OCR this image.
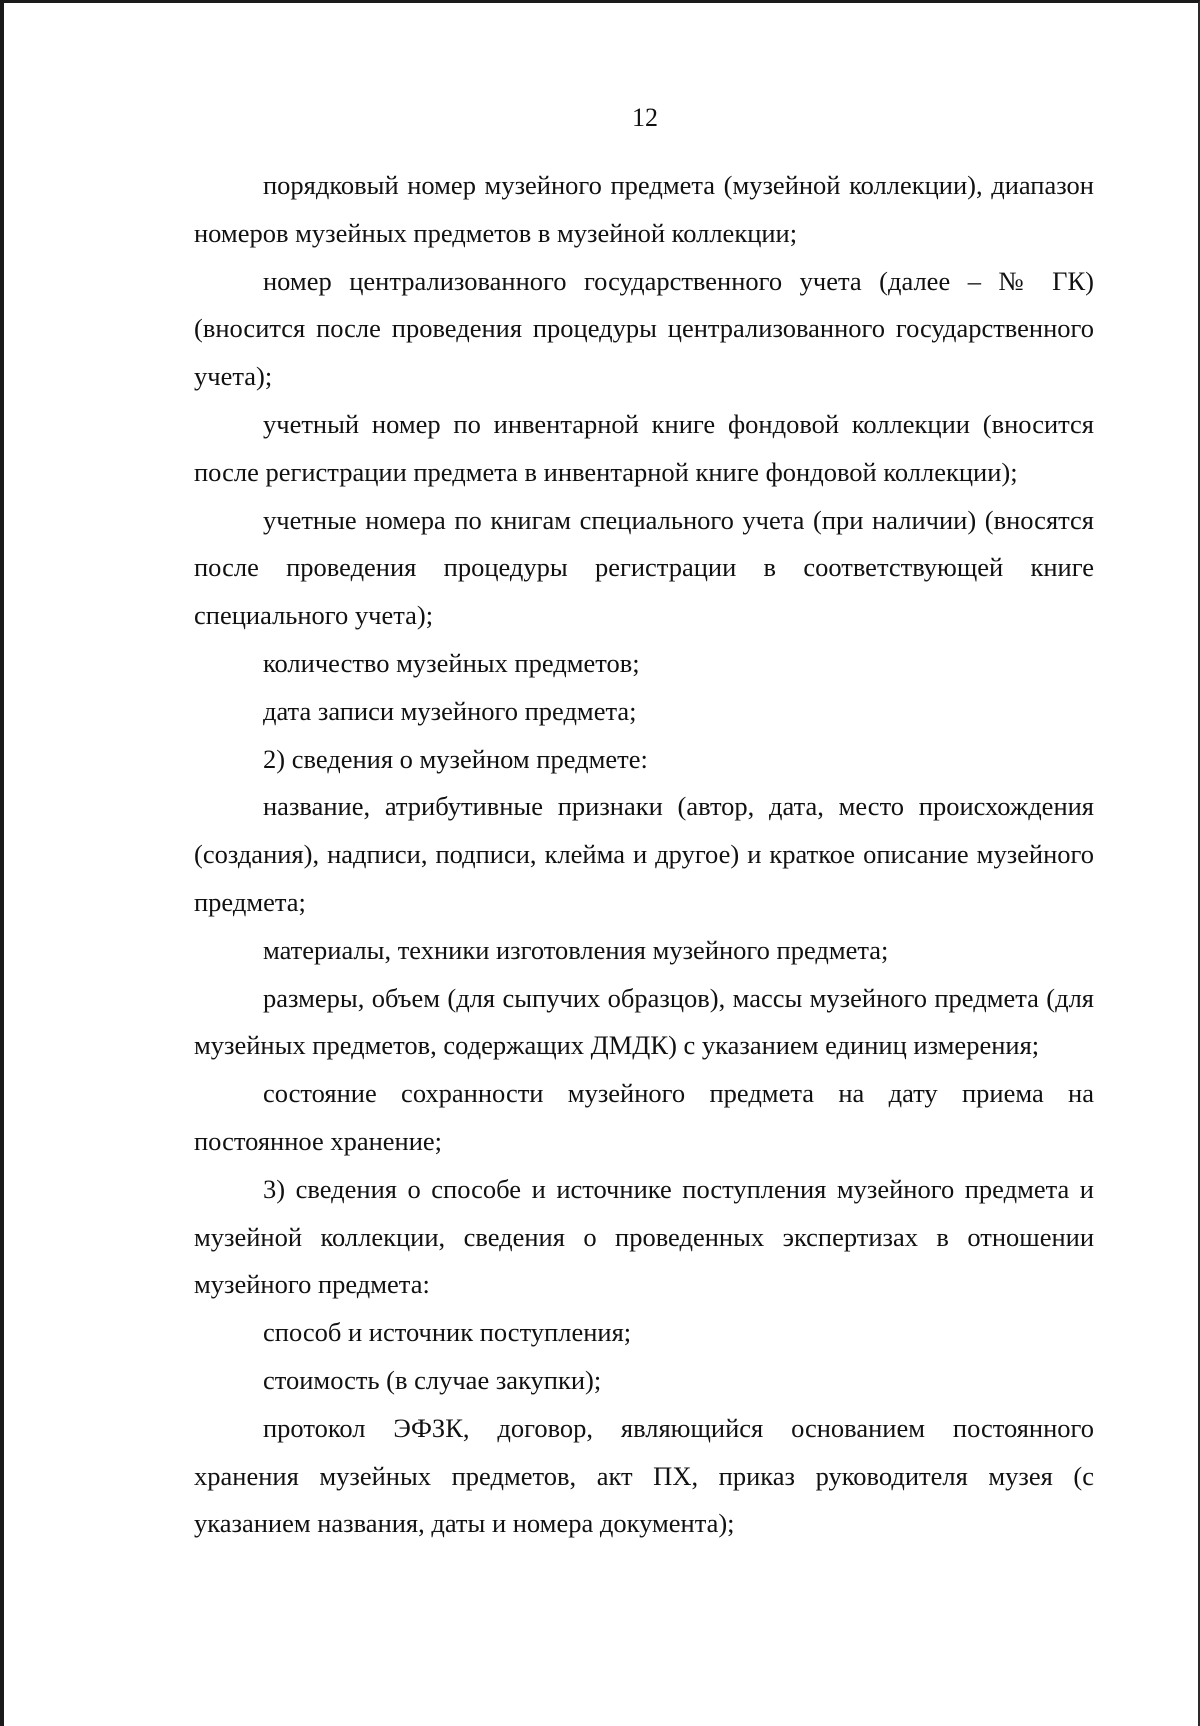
12

порядковый номер музейного предмета (музейной коллекции), диапазон номеров музейных предметов в музейной коллекции;

номер централизованного государственного учета (далее – № ГК) (вносится после проведения процедуры централизованного государственного учета);

учетный номер по инвентарной книге фондовой коллекции (вносится после регистрации предмета в инвентарной книге фондовой коллекции);

учетные номера по книгам специального учета (при наличии) (вносятся после проведения процедуры регистрации в соответствующей книге специального учета);

количество музейных предметов;

дата записи музейного предмета;

2) сведения о музейном предмете:

название, атрибутивные признаки (автор, дата, место происхождения (создания), надписи, подписи, клейма и другое) и краткое описание музейного предмета;

материалы, техники изготовления музейного предмета;

размеры, объем (для сыпучих образцов), массы музейного предмета (для музейных предметов, содержащих ДМДК) с указанием единиц измерения;

состояние сохранности музейного предмета на дату приема на постоянное хранение;

3) сведения о способе и источнике поступления музейного предмета и музейной коллекции, сведения о проведенных экспертизах в отношении музейного предмета:

способ и источник поступления;

стоимость (в случае закупки);

протокол ЭФЗК, договор, являющийся основанием постоянного хранения музейных предметов, акт ПХ, приказ руководителя музея (с указанием названия, даты и номера документа);
